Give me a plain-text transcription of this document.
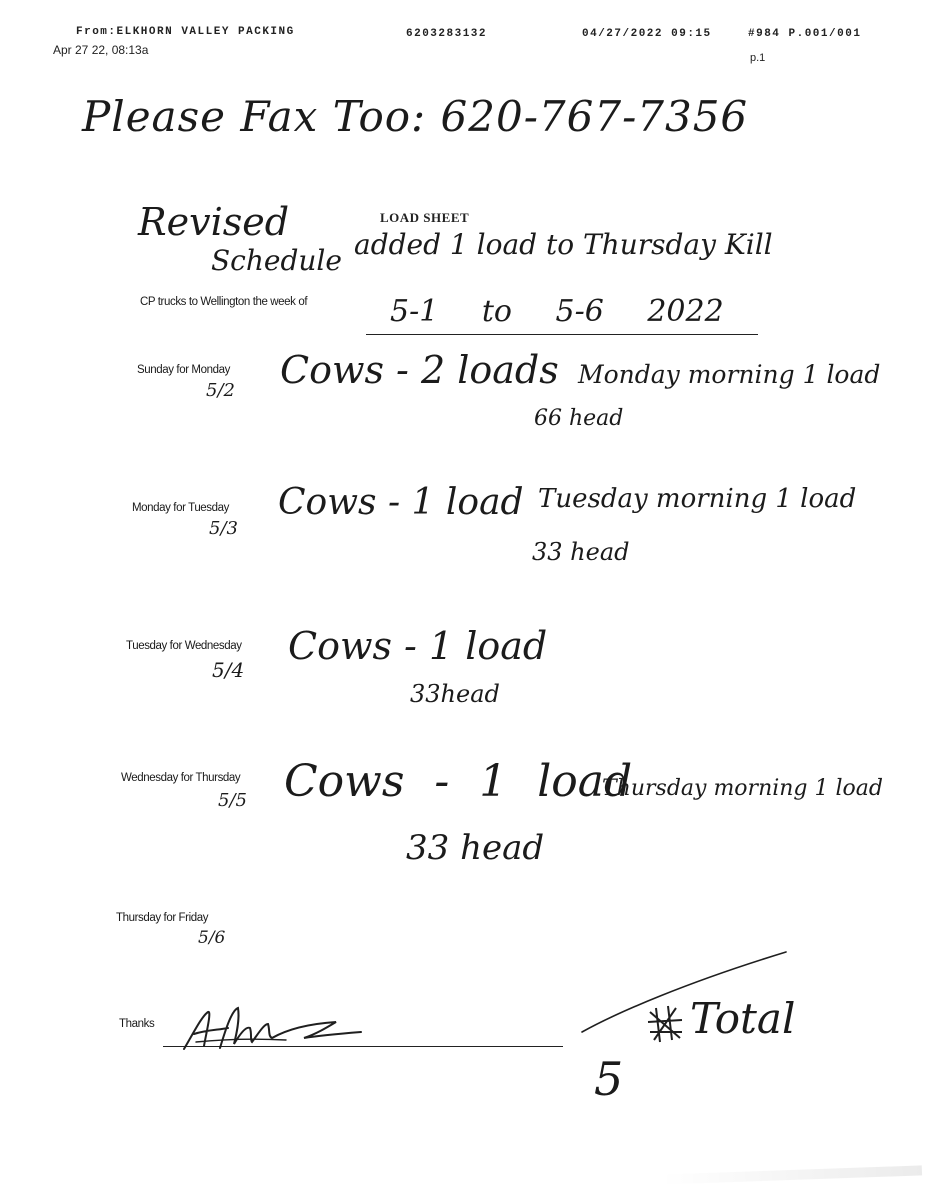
From:ELKHORN VALLEY PACKING	6203283132	04/27/2022 09:15	#984 P.001/001
Apr 27 22, 08:13a
p.1
Please Fax Too: 620-767-7356
Revised
Schedule added 1 load to Thursday Kill
LOAD SHEET
CP trucks to Wellington the week of	5-1 to 5-6 2022
Sunday for Monday
5/2 Cows - 2 loads Monday morning 1 load
66 head
Monday for Tuesday
5/3
Cows - 1 load Tuesday morning 1 load
33 head
Tuesday for Wednesday
5/4
Cows - 1 load
33head
Wednesday for Thursday
5/5 Cows - 1 load
Thursday morning 1 load
33 head
Thursday for Friday
5/6
Thanks	Total
5
